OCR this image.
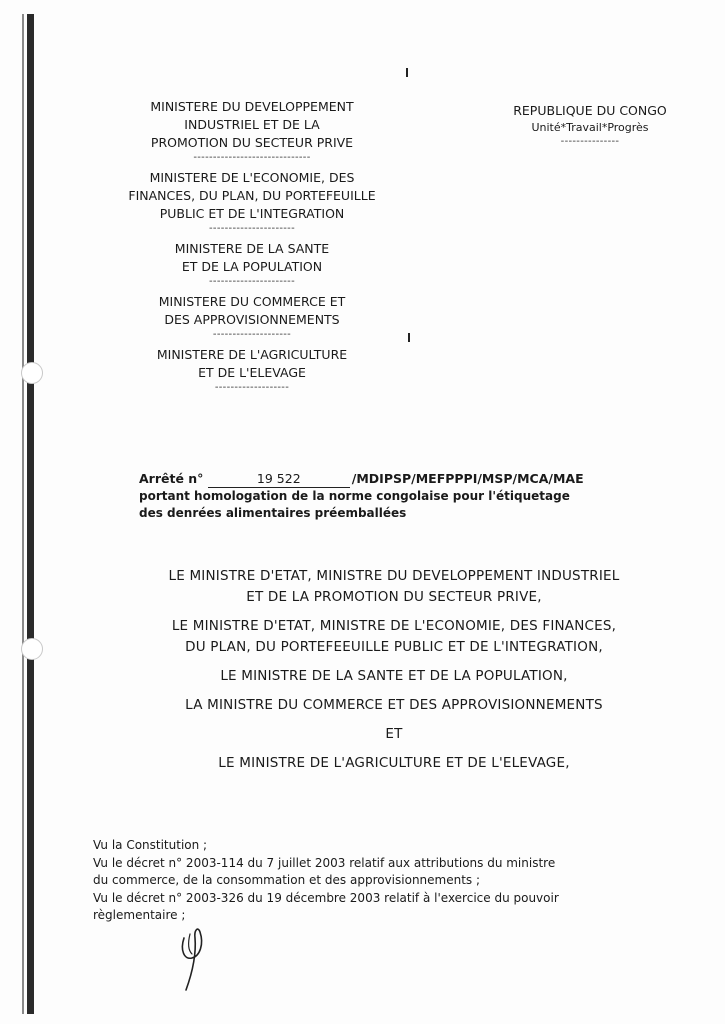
MINISTERE DU DEVELOPPEMENT
INDUSTRIEL ET DE LA
PROMOTION DU SECTEUR PRIVE
------------------------------
MINISTERE DE L'ECONOMIE, DES
FINANCES, DU PLAN, DU PORTEFEUILLE
PUBLIC ET DE L'INTEGRATION
----------------------
MINISTERE DE LA SANTE
ET DE LA POPULATION
----------------------
MINISTERE DU COMMERCE ET
DES APPROVISIONNEMENTS
--------------------
MINISTERE DE L'AGRICULTURE
ET DE L'ELEVAGE
-------------------
REPUBLIQUE DU CONGO
Unité*Travail*Progrès
---------------
Arrêté n°	19 522	/MDIPSP/MEFPPPI/MSP/MCA/MAE
portant homologation de la norme congolaise pour l'étiquetage
des denrées alimentaires préemballées
LE MINISTRE D'ETAT, MINISTRE DU DEVELOPPEMENT INDUSTRIEL
ET DE LA PROMOTION DU SECTEUR PRIVE,
LE MINISTRE D'ETAT, MINISTRE DE L'ECONOMIE, DES FINANCES,
DU PLAN, DU PORTEFEEUILLE PUBLIC ET DE L'INTEGRATION,
LE MINISTRE DE LA SANTE ET DE LA POPULATION,
LA MINISTRE DU COMMERCE ET DES APPROVISIONNEMENTS
ET
LE MINISTRE DE L'AGRICULTURE ET DE L'ELEVAGE,
Vu la Constitution ;
Vu le décret n° 2003-114 du 7 juillet 2003 relatif aux attributions du ministre
du commerce, de la consommation et des approvisionnements ;
Vu le décret n° 2003-326 du 19 décembre 2003 relatif à l'exercice du pouvoir
règlementaire ;
